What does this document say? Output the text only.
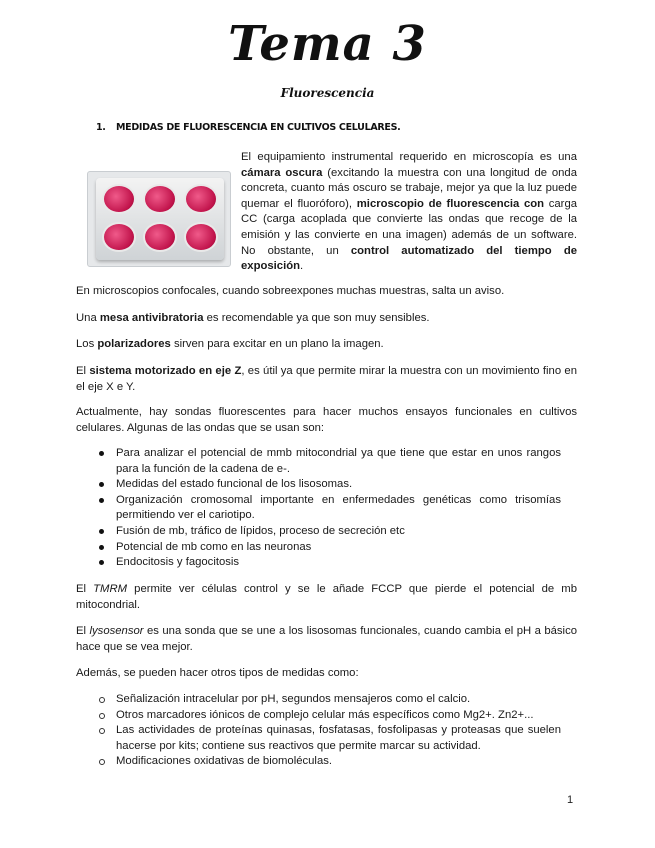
Tema 3
Fluorescencia
1. MEDIDAS DE FLUORESCENCIA EN CULTIVOS CELULARES.

El equipamiento instrumental requerido en microscopía es una cámara oscura (excitando la muestra con una longitud de onda concreta, cuanto más oscuro se trabaje, mejor ya que la luz puede quemar el fluoróforo), microscopio de fluorescencia con carga CC (carga acoplada que convierte las ondas que recoge de la emisión y las convierte en una imagen) además de un software. No obstante, un control automatizado del tiempo de exposición.

En microscopios confocales, cuando sobreexpones muchas muestras, salta un aviso.

Una mesa antivibratoria es recomendable ya que son muy sensibles.

Los polarizadores sirven para excitar en un plano la imagen.

El sistema motorizado en eje Z, es útil ya que permite mirar la muestra con un movimiento fino en el eje X e Y.

Actualmente, hay sondas fluorescentes para hacer muchos ensayos funcionales en cultivos celulares. Algunas de las ondas que se usan son:

Para analizar el potencial de mmb mitocondrial ya que tiene que estar en unos rangos para la función de la cadena de e-.
Medidas del estado funcional de los lisosomas.
Organización cromosomal importante en enfermedades genéticas como trisomías permitiendo ver el cariotipo.
Fusión de mb, tráfico de lípidos, proceso de secreción etc
Potencial de mb como en las neuronas
Endocitosis y fagocitosis

El TMRM permite ver células control y se le añade FCCP que pierde el potencial de mb mitocondrial.

El lysosensor es una sonda que se une a los lisosomas funcionales, cuando cambia el pH a básico hace que se vea mejor.

Además, se pueden hacer otros tipos de medidas como:

Señalización intracelular por pH, segundos mensajeros como el calcio.
Otros marcadores iónicos de complejo celular más específicos como Mg2+. Zn2+...
Las actividades de proteínas quinasas, fosfatasas, fosfolipasas y proteasas que suelen hacerse por kits; contiene sus reactivos que permite marcar su actividad.
Modificaciones oxidativas de biomoléculas.
1
